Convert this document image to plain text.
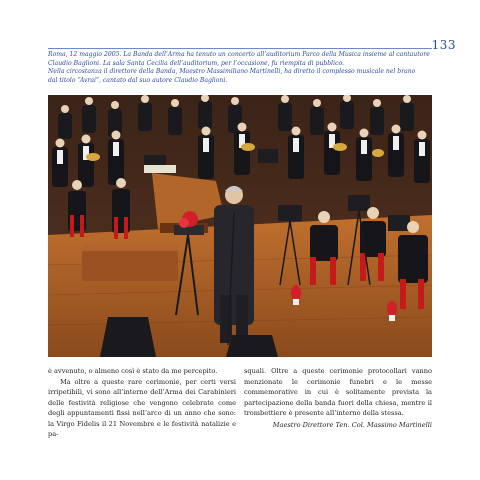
133
Roma, 12 maggio 2005. La Banda dell’Arma ha tenuto un concerto all’auditorium Parco della Musica insieme al cantautore
Claudio Baglioni. La sala Santa Cecilia dell’auditorium, per l’occasione, fu riempita di pubblico.
Nella circostanza il direttore della Banda, Maestro Massimiliano Martinelli, ha diretto il complesso musicale nel brano
dal titolo “Avrai”, cantato dal suo autore Claudio Baglioni.

è avvenuto, o almeno così è stato da me percepito.

Ma oltre a queste rare cerimonie, per certi versi irripetibili, vi sono all’interno dell’Arma dei Carabinieri delle festività religiose che vengono celebrate come degli appuntamenti fissi nell’arco di un anno che sono: la Virgo Fidelis il 21 Novembre e le festività natalizie e pa-

squali. Oltre a queste cerimonie protocollari vanno menzionate le cerimonie funebri e le messe commemorative in cui è solitamente prevista la partecipazione della banda fuori della chiesa, mentre il trombettiere è presente all’interno della stessa.

Maestro Direttore Ten. Col. Massimo Martinelli
